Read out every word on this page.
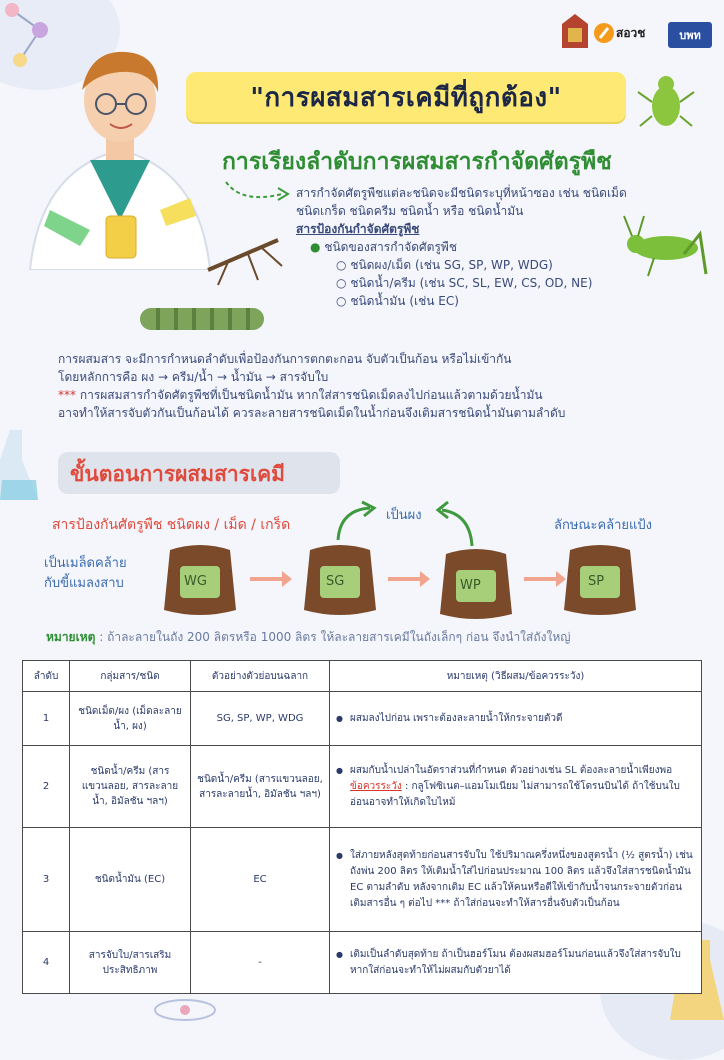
สอวช	บพท
"การผสมสารเคมีที่ถูกต้อง"
การเรียงลำดับการผสมสารกำจัดศัตรูพืช
สารกำจัดศัตรูพืชแต่ละชนิดจะมีชนิดระบุที่หน้าซอง เช่น ชนิดเม็ด
ชนิดเกร็ด ชนิดครีม ชนิดน้ำ หรือ ชนิดน้ำมัน
สารป้องกันกำจัดศัตรูพืช
● ชนิดของสารกำจัดศัตรูพืช
○ ชนิดผง/เม็ด (เช่น SG, SP, WP, WDG)
○ ชนิดน้ำ/ครีม (เช่น SC, SL, EW, CS, OD, NE)
○ ชนิดน้ำมัน (เช่น EC)
การผสมสาร จะมีการกำหนดลำดับเพื่อป้องกันการตกตะกอน จับตัวเป็นก้อน หรือไม่เข้ากัน
โดยหลักการคือ ผง → ครีม/น้ำ → น้ำมัน → สารจับใบ
*** การผสมสารกำจัดศัตรูพืชที่เป็นชนิดน้ำมัน หากใส่สารชนิดเม็ดลงไปก่อนแล้วตามด้วยน้ำมัน
อาจทำให้สารจับตัวกันเป็นก้อนได้ ควรละลายสารชนิดเม็ดในน้ำก่อนจึงเติมสารชนิดน้ำมันตามลำดับ
ขั้นตอนการผสมสารเคมี
สารป้องกันศัตรูพืช ชนิดผง / เม็ด / เกร็ด
เป็นผง
ลักษณะคล้ายแป้ง
เป็นเมล็ดคล้าย
กับขี้แมลงสาบ	WG	SG	WP	SP
หมายเหตุ : ถ้าละลายในถัง 200 ลิตรหรือ 1000 ลิตร ให้ละลายสารเคมีในถังเล็กๆ ก่อน จึงนำใส่ถังใหญ่
ลำดับ	กลุ่มสาร/ชนิด	ตัวอย่างตัวย่อบนฉลาก	หมายเหตุ (วิธีผสม/ข้อควรระวัง)
1	ชนิดเม็ด/ผง (เม็ดละลายน้ำ, ผง)	SG, SP, WP, WDG	● ผสมลงไปก่อน เพราะต้องละลายน้ำให้กระจายตัวดี

2	ชนิดน้ำ/ครีม (สารแขวนลอย, สารละลายน้ำ, อิมัลชัน ฯลฯ)	ชนิดน้ำ/ครีม (สารแขวนลอย, สารละลายน้ำ, อิมัลชัน ฯลฯ)	● ผสมกับน้ำเปล่าในอัตราส่วนที่กำหนด ตัวอย่างเช่น SL ต้องละลายน้ำเพียงพอ
ข้อควรระวัง : กลูโฟซิเนต–แอมโมเนียม ไม่สามารถใช้โดรนบินได้ ถ้าใช้บนใบอ่อนอาจทำให้เกิดใบไหม้

3	ชนิดน้ำมัน (EC)	EC	● ใส่ภายหลังสุดท้ายก่อนสารจับใบ ใช้ปริมาณครึ่งหนึ่งของสูตรน้ำ (½ สูตรน้ำ) เช่น ถังพ่น 200 ลิตร ให้เติมน้ำใส่ไปก่อนประมาณ 100 ลิตร แล้วจึงใส่สารชนิดน้ำมัน EC ตามลำดับ หลังจากเติม EC แล้วให้คนหรือตีให้เข้ากับน้ำจนกระจายตัวก่อนเติมสารอื่น ๆ ต่อไป *** ถ้าใส่ก่อนจะทำให้สารอื่นจับตัวเป็นก้อน

4	สารจับใบ/สารเสริมประสิทธิภาพ	-	● เติมเป็นลำดับสุดท้าย ถ้าเป็นฮอร์โมน ต้องผสมฮอร์โมนก่อนแล้วจึงใส่สารจับใบ หากใส่ก่อนจะทำให้ไม่ผสมกับตัวยาได้
